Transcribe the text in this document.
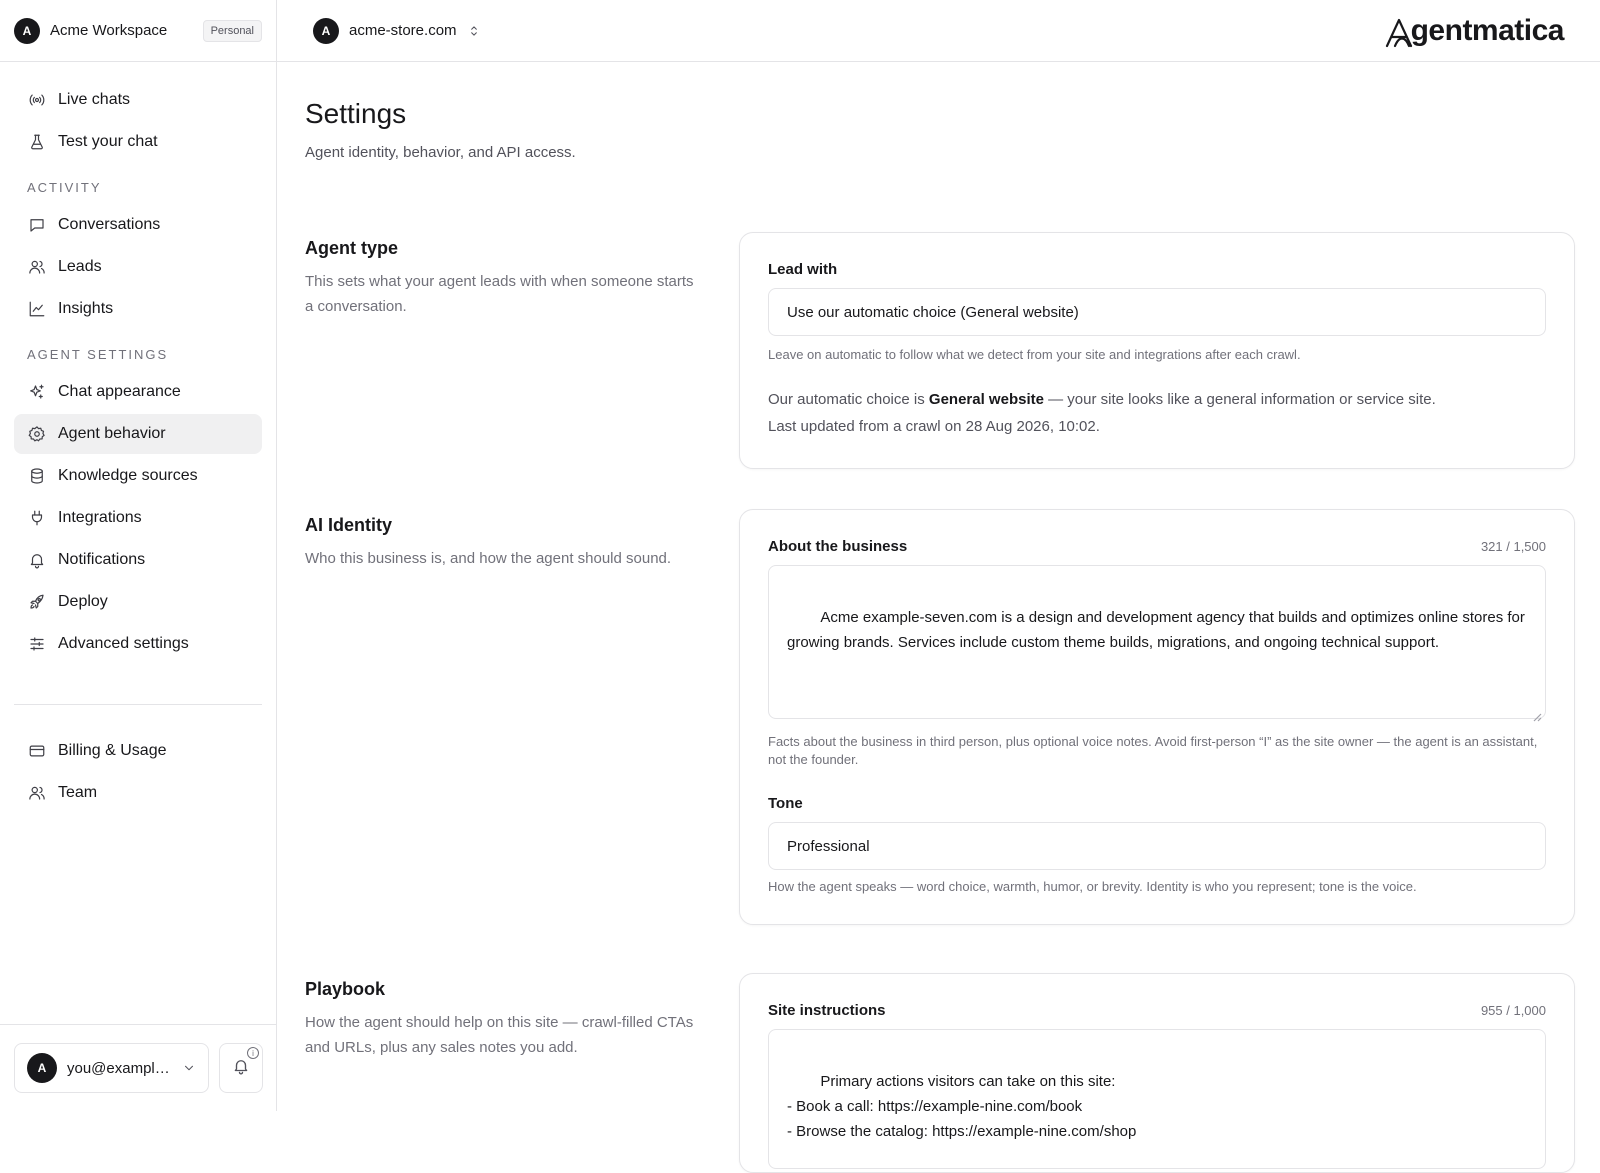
A	Acme Workspace	Personal
Live chats
Test your chat
ACTIVITY
Conversations
Leads
Insights
AGENT SETTINGS
Chat appearance
Agent behavior
Knowledge sources
Integrations
Notifications
Deploy
Advanced settings
Billing & Usage
Team
A	you@exampl…
i
A	acme-store.com	gentmatica
Settings

Agent identity, behavior, and API access.

Agent type

This sets what your agent leads with when someone starts a conversation.

Lead with
Use our automatic choice (General website)

Leave on automatic to follow what we detect from your site and integrations after each crawl.

Our automatic choice is General website — your site looks like a general information or service site.
Last updated from a crawl on 28 Aug 2026, 10:02.

AI Identity

Who this business is, and how the agent should sound.

About the business	321 / 1,500

Acme example-seven.com is a design and development agency that builds and optimizes online stores for growing brands. Services include custom theme builds, migrations, and ongoing technical support.

Facts about the business in third person, plus optional voice notes. Avoid first-person “I” as the site owner — the agent is an assistant, not the founder.

Tone
Professional

How the agent speaks — word choice, warmth, humor, or brevity. Identity is who you represent; tone is the voice.

Playbook

How the agent should help on this site — crawl-filled CTAs and URLs, plus any sales notes you add.

Site instructions	955 / 1,000

Primary actions visitors can take on this site:
- Book a call: https://example-nine.com/book
- Browse the catalog: https://example-nine.com/shop
